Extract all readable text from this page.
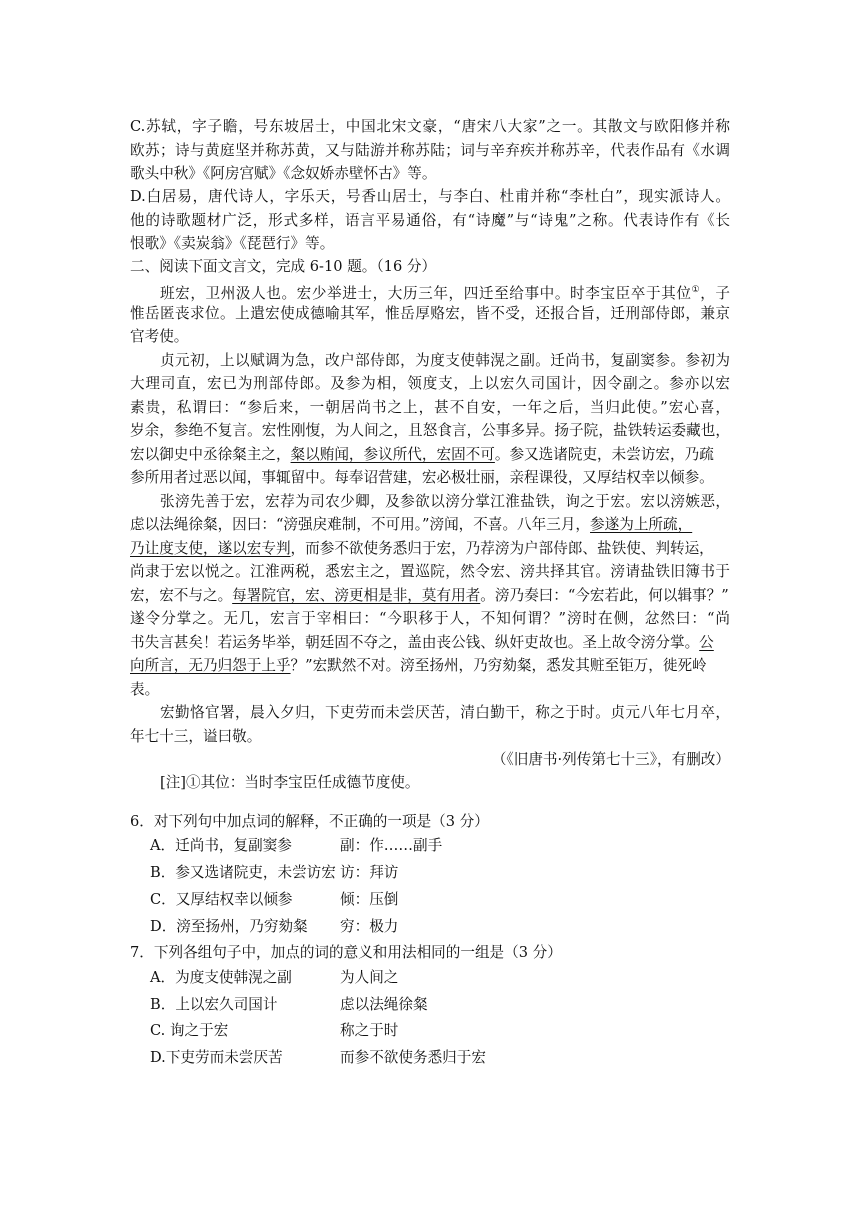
C.苏轼，字子瞻，号东坡居士，中国北宋文豪，“唐宋八大家”之一。其散文与欧阳修并称
欧苏；诗与黄庭坚并称苏黄，又与陆游并称苏陆；词与辛弃疾并称苏辛，代表作品有《水调
歌头中秋》《阿房宫赋》《念奴娇赤壁怀古》等。
D.白居易，唐代诗人，字乐天，号香山居士，与李白、杜甫并称“李杜白”，现实派诗人。
他的诗歌题材广泛，形式多样，语言平易通俗，有“诗魔”与“诗鬼”之称。代表诗作有《长
恨歌》《卖炭翁》《琵琶行》等。
二、阅读下面文言文，完成 6-10 题。（16 分）
班宏，卫州汲人也。宏少举进士，大历三年，四迁至给事中。时李宝臣卒于其位①，子
惟岳匿丧求位。上遣宏使成德喻其军，惟岳厚赂宏，皆不受，还报合旨，迁刑部侍郎，兼京
官考使。
贞元初，上以赋调为急，改户部侍郎，为度支使韩滉之副。迁尚书，复副窦参。参初为
大理司直，宏已为刑部侍郎。及参为相，领度支，上以宏久司国计，因令副之。参亦以宏
素贵，私谓曰：“参后来，一朝居尚书之上，甚不自安，一年之后，当归此使。”宏心喜，
岁余，参绝不复言。宏性刚愎，为人间之，且怒食言，公事多异。扬子院，盐铁转运委藏也，
宏以御史中丞徐粲主之，粲以贿闻，参议所代，宏固不可。参又选诸院吏，未尝访宏，乃疏
参所用者过恶以闻，事辄留中。每奉诏营建，宏必极壮丽，亲程课役，又厚结权幸以倾参。
张滂先善于宏，宏荐为司农少卿，及参欲以滂分掌江淮盐铁，询之于宏。宏以滂嫉恶，
虑以法绳徐粲，因曰：“滂强戾难制，不可用。”滂闻，不喜。八年三月，参遂为上所疏，
乃让度支使，遂以宏专判，而参不欲使务悉归于宏，乃荐滂为户部侍郎、盐铁使、判转运，
尚隶于宏以悦之。江淮两税，悉宏主之，置巡院，然令宏、滂共择其官。滂请盐铁旧簿书于
宏，宏不与之。每署院官，宏、滂更相是非，莫有用者。滂乃奏曰：“今宏若此，何以辑事？”
遂令分掌之。无几，宏言于宰相曰：“今职移于人，不知何谓？”滂时在侧，忿然曰：“尚
书失言甚矣！若运务毕举，朝廷固不夺之，盖由丧公钱、纵奸吏故也。圣上故令滂分掌。公
向所言，无乃归怨于上乎？”宏默然不对。滂至扬州，乃穷劾粲，悉发其赃至钜万，徙死岭
表。
宏勤恪官署，晨入夕归，下吏劳而未尝厌苦，清白勤干，称之于时。贞元八年七月卒，
年七十三，谥曰敬。
（《旧唐书·列传第七十三》，有删改）
[注]①其位：当时李宝臣任成德节度使。
6．对下列句中加点词的解释，不正确的一项是（3 分）
A．迁尚书，复副窦参	副：作……副手
B．参又选诸院吏，未尝访宏 访：拜访
C．又厚结权幸以倾参	倾：压倒
D．滂至扬州，乃穷劾粲 穷：极力
7．下列各组句子中，加点的词的意义和用法相同的一组是（3 分）
A．为度支使韩滉之副	为人间之
B．上以宏久司国计	虑以法绳徐粲
C. 询之于宏	称之于时
D.下吏劳而未尝厌苦	而参不欲使务悉归于宏
